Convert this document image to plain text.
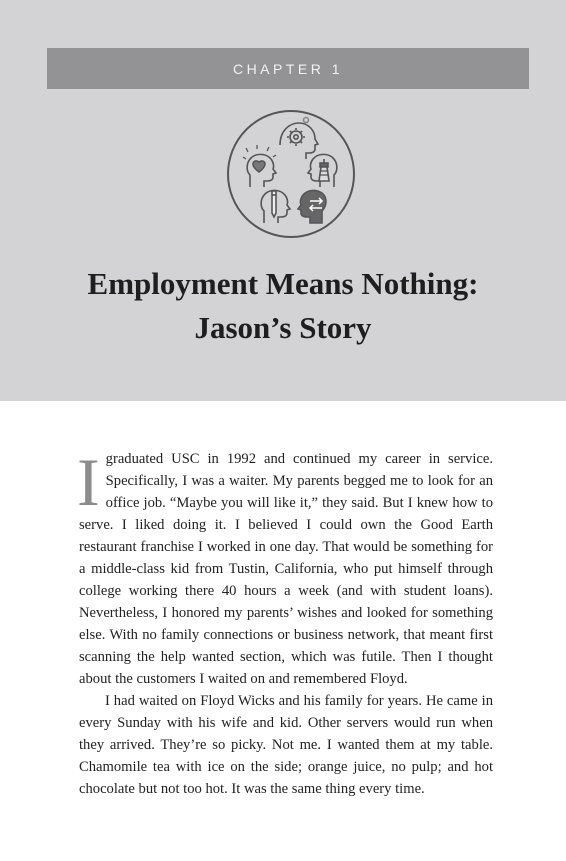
CHAPTER 1
Employment Means Nothing:
Jason’s Story

Igraduated USC in 1992 and continued my career in service. Specifically, I was a waiter. My parents begged me to look for an office job. “Maybe you will like it,” they said. But I knew how to serve. I liked doing it. I believed I could own the Good Earth restaurant franchise I worked in one day. That would be something for a middle-class kid from Tustin, California, who put himself through college working there 40 hours a week (and with student loans). Nevertheless, I honored my parents’ wishes and looked for something else. With no family connections or business network, that meant first scanning the help wanted section, which was futile. Then I thought about the customers I waited on and remembered Floyd.

I had waited on Floyd Wicks and his family for years. He came in every Sunday with his wife and kid. Other servers would run when they arrived. They’re so picky. Not me. I wanted them at my table. Chamomile tea with ice on the side; orange juice, no pulp; and hot chocolate but not too hot. It was the same thing every time.
